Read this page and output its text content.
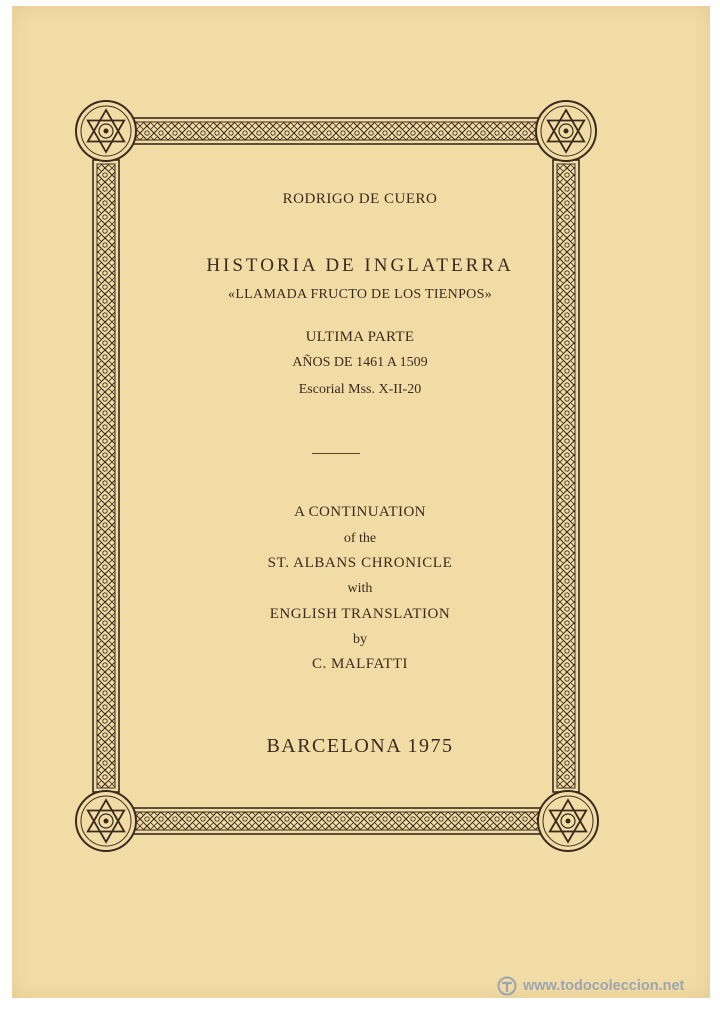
RODRIGO DE CUERO
HISTORIA DE INGLATERRA
«LLAMADA FRUCTO DE LOS TIENPOS»
ULTIMA PARTE
AÑOS DE 1461 A 1509
Escorial Mss. X-II-20
A CONTINUATION
of the
ST. ALBANS CHRONICLE
with
ENGLISH TRANSLATION
by
C. MALFATTI
BARCELONA 1975
www.todocoleccion.net
